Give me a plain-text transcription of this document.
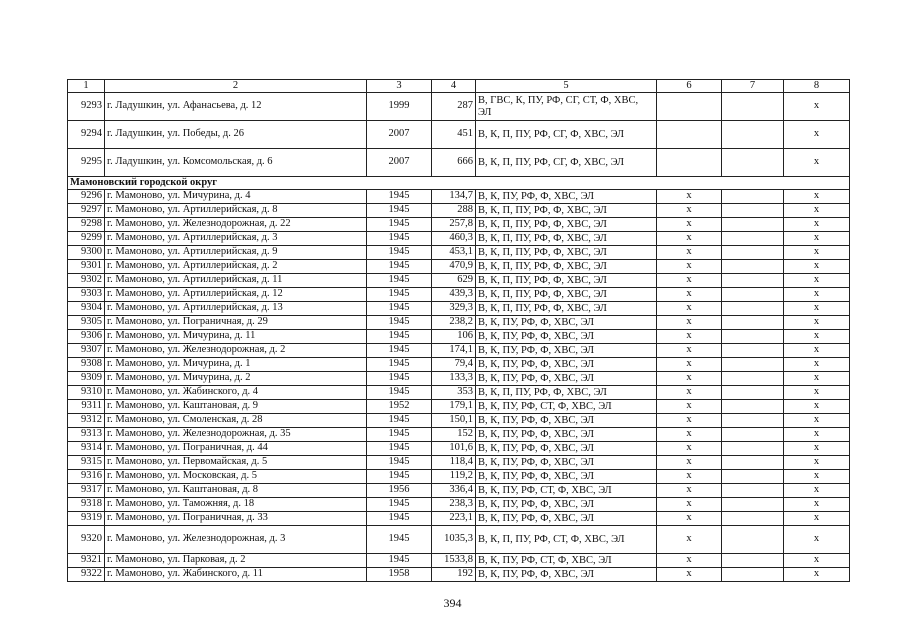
1	2	3	4	5	6	7	8
9293	г. Ладушкин, ул. Афанасьева, д. 12	1999	287	В, ГВС, К, ПУ, РФ, СГ, СТ, Ф, ХВС, ЭЛ			x
9294	г. Ладушкин, ул. Победы, д. 26	2007	451	В, К, П, ПУ, РФ, СГ, Ф, ХВС, ЭЛ			x
9295	г. Ладушкин, ул. Комсомольская, д. 6	2007	666	В, К, П, ПУ, РФ, СГ, Ф, ХВС, ЭЛ			x
Мамоновский городской округ							
9296	г. Мамоново, ул. Мичурина, д. 4	1945	134,7	В, К, ПУ, РФ, Ф, ХВС, ЭЛ	x		x
9297	г. Мамоново, ул. Артиллерийская, д. 8	1945	288	В, К, П, ПУ, РФ, Ф, ХВС, ЭЛ	x		x
9298	г. Мамоново, ул. Железнодорожная, д. 22	1945	257,8	В, К, П, ПУ, РФ, Ф, ХВС, ЭЛ	x		x
9299	г. Мамоново, ул. Артиллерийская, д. 3	1945	460,3	В, К, П, ПУ, РФ, Ф, ХВС, ЭЛ	x		x
9300	г. Мамоново, ул. Артиллерийская, д. 9	1945	453,1	В, К, П, ПУ, РФ, Ф, ХВС, ЭЛ	x		x
9301	г. Мамоново, ул. Артиллерийская, д. 2	1945	470,9	В, К, П, ПУ, РФ, Ф, ХВС, ЭЛ	x		x
9302	г. Мамоново, ул. Артиллерийская, д. 11	1945	629	В, К, П, ПУ, РФ, Ф, ХВС, ЭЛ	x		x
9303	г. Мамоново, ул. Артиллерийская, д. 12	1945	439,3	В, К, П, ПУ, РФ, Ф, ХВС, ЭЛ	x		x
9304	г. Мамоново, ул. Артиллерийская, д. 13	1945	329,3	В, К, П, ПУ, РФ, Ф, ХВС, ЭЛ	x		x
9305	г. Мамоново, ул. Пограничная, д. 29	1945	238,2	В, К, ПУ, РФ, Ф, ХВС, ЭЛ	x		x
9306	г. Мамоново, ул. Мичурина, д. 11	1945	106	В, К, ПУ, РФ, Ф, ХВС, ЭЛ	x		x
9307	г. Мамоново, ул. Железнодорожная, д. 2	1945	174,1	В, К, ПУ, РФ, Ф, ХВС, ЭЛ	x		x
9308	г. Мамоново, ул. Мичурина, д. 1	1945	79,4	В, К, ПУ, РФ, Ф, ХВС, ЭЛ	x		x
9309	г. Мамоново, ул. Мичурина, д. 2	1945	133,3	В, К, ПУ, РФ, Ф, ХВС, ЭЛ	x		x
9310	г. Мамоново, ул. Жабинского, д. 4	1945	353	В, К, П, ПУ, РФ, Ф, ХВС, ЭЛ	x		x
9311	г. Мамоново, ул. Каштановая, д. 9	1952	179,1	В, К, ПУ, РФ, СТ, Ф, ХВС, ЭЛ	x		x
9312	г. Мамоново, ул. Смоленская, д. 28	1945	150,1	В, К, ПУ, РФ, Ф, ХВС, ЭЛ	x		x
9313	г. Мамоново, ул. Железнодорожная, д. 35	1945	152	В, К, ПУ, РФ, Ф, ХВС, ЭЛ	x		x
9314	г. Мамоново, ул. Пограничная, д. 44	1945	101,6	В, К, ПУ, РФ, Ф, ХВС, ЭЛ	x		x
9315	г. Мамоново, ул. Первомайская, д. 5	1945	118,4	В, К, ПУ, РФ, Ф, ХВС, ЭЛ	x		x
9316	г. Мамоново, ул. Московская, д. 5	1945	119,2	В, К, ПУ, РФ, Ф, ХВС, ЭЛ	x		x
9317	г. Мамоново, ул. Каштановая, д. 8	1956	336,4	В, К, ПУ, РФ, СТ, Ф, ХВС, ЭЛ	x		x
9318	г. Мамоново, ул. Таможняя, д. 18	1945	238,3	В, К, ПУ, РФ, Ф, ХВС, ЭЛ	x		x
9319	г. Мамоново, ул. Пограничная, д. 33	1945	223,1	В, К, ПУ, РФ, Ф, ХВС, ЭЛ	x		x
9320	г. Мамоново, ул. Железнодорожная, д. 3	1945	1035,3	В, К, П, ПУ, РФ, СТ, Ф, ХВС, ЭЛ	x		x
9321	г. Мамоново, ул. Парковая, д. 2	1945	1533,8	В, К, ПУ, РФ, СТ, Ф, ХВС, ЭЛ	x		x
9322	г. Мамоново, ул. Жабинского, д. 11	1958	192	В, К, ПУ, РФ, Ф, ХВС, ЭЛ	x		x
394
